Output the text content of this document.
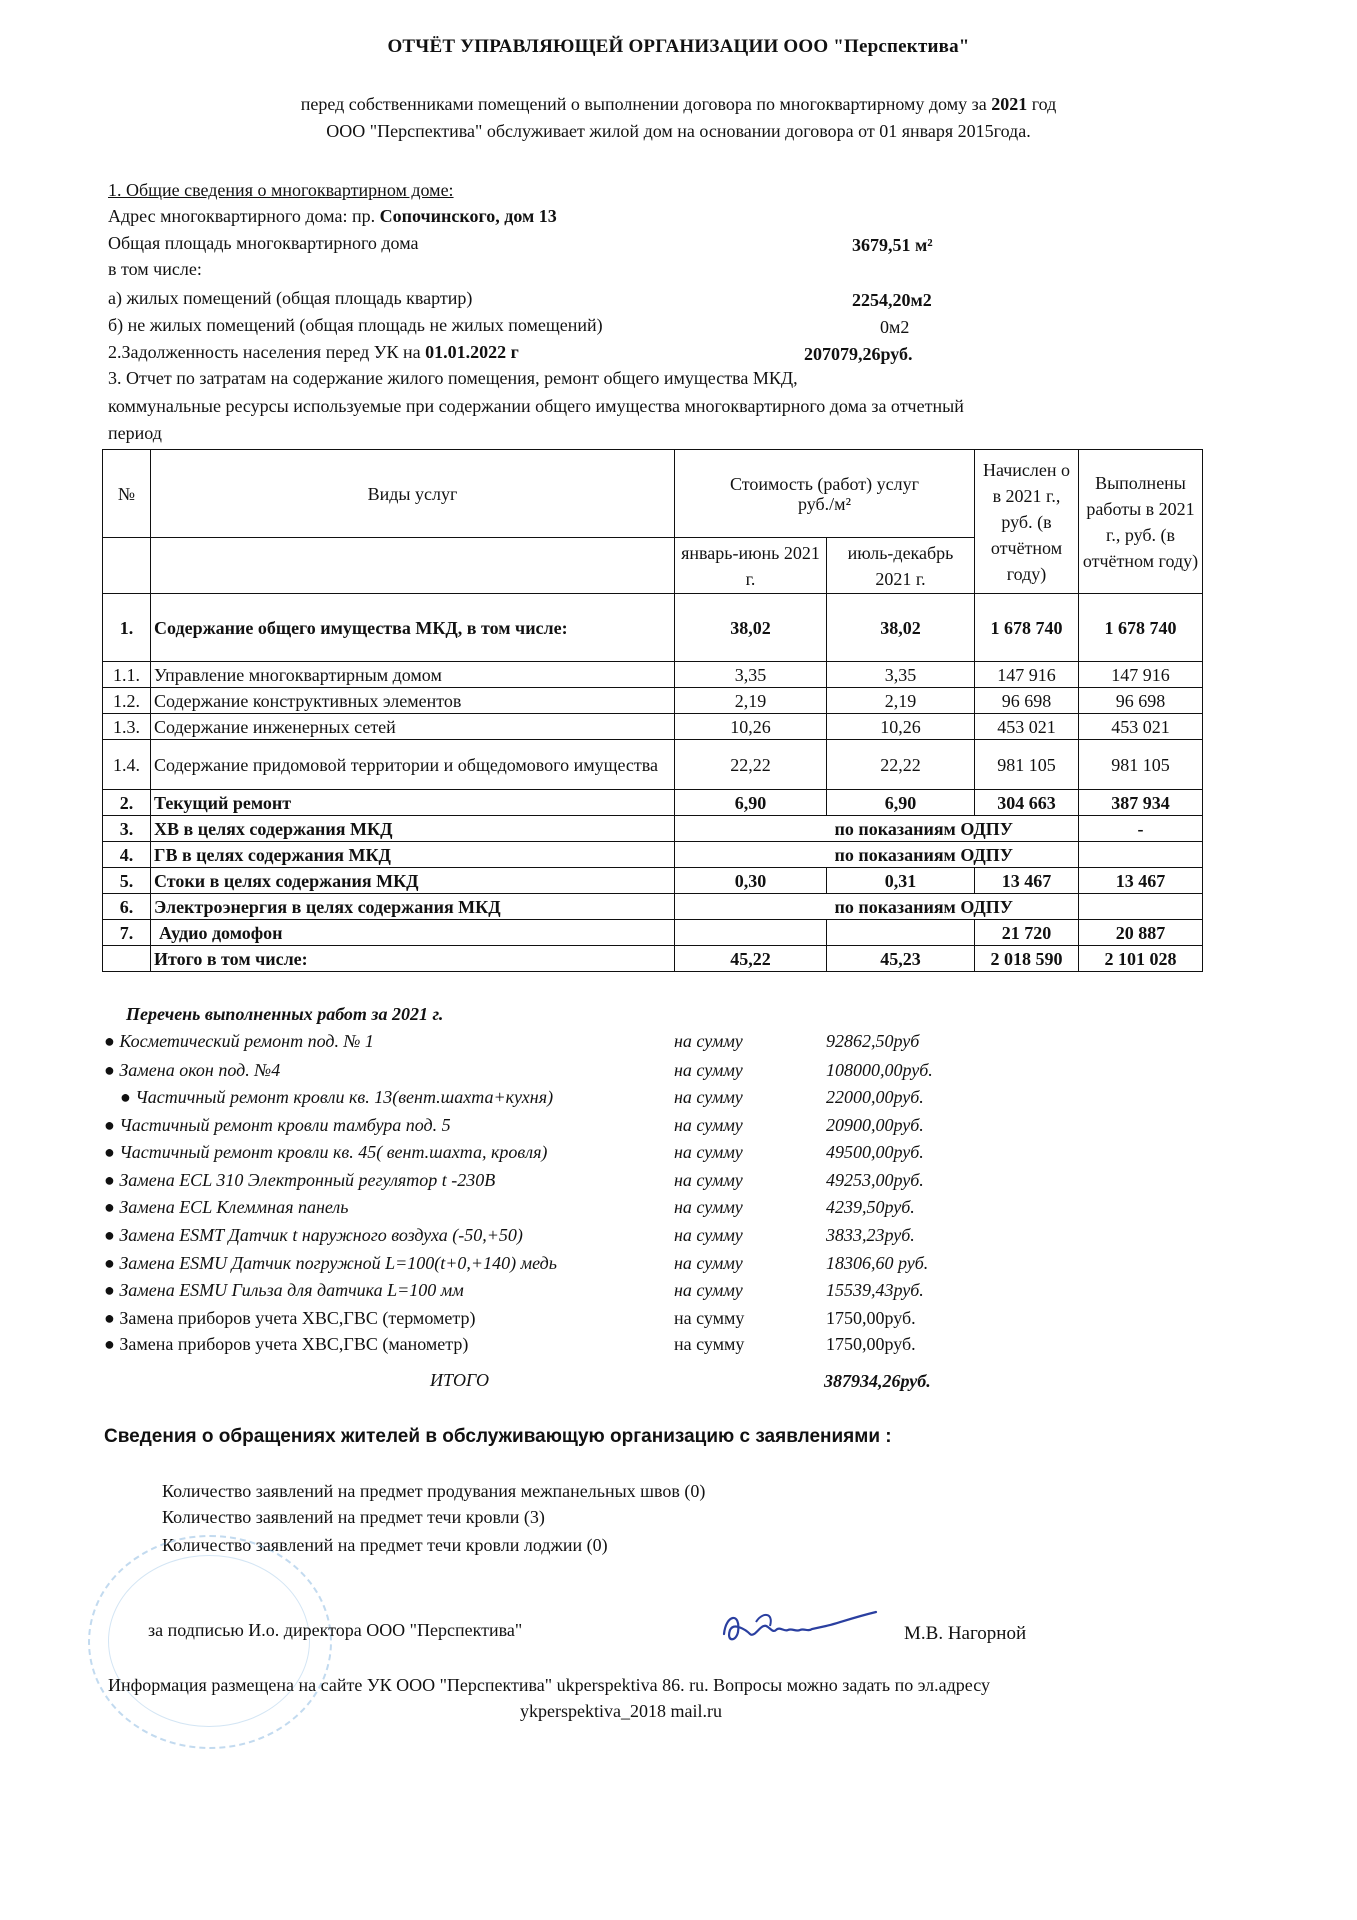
ОТЧЁТ УПРАВЛЯЮЩЕЙ ОРГАНИЗАЦИИ ООО "Перспектива"
перед собственниками помещений о выполнении договора по многоквартирному дому за 2021 год
ООО "Перспектива" обслуживает жилой дом на основании договора от 01 января 2015года.
1. Общие сведения о многоквартирном доме:
Адрес многоквартирного дома: пр. Сопочинского, дом 13
Общая площадь многоквартирного дома	3679,51 м²
в том числе:
а) жилых помещений (общая площадь квартир)	2254,20м2
б) не жилых помещений (общая площадь не жилых помещений)	0м2
2.Задолженность населения перед УК на 01.01.2022 г	207079,26руб.
3. Отчет по затратам на содержание жилого помещения, ремонт общего имущества МКД,
коммунальные ресурсы используемые при содержании общего имущества многоквартирного дома за отчетный
период
№	Виды услуг	Стоимость (работ) услуг руб./м²		Начислен о в 2021 г., руб. (в отчётном году)	Выполнены работы в 2021 г., руб. (в отчётном году)
		январь-июнь 2021 г.	июль-декабрь 2021 г.		
1.	Содержание общего имущества МКД, в том числе:	38,02	38,02	1 678 740	1 678 740
1.1.	Управление многоквартирным домом	3,35	3,35	147 916	147 916
1.2.	Содержание конструктивных элементов	2,19	2,19	96 698	96 698
1.3.	Содержание инженерных сетей	10,26	10,26	453 021	453 021
1.4.	Содержание придомовой территории и общедомового имущества	22,22	22,22	981 105	981 105
2.	Текущий ремонт	6,90	6,90	304 663	387 934
3.	ХВ в целях содержания МКД		по показаниям ОДПУ		-
4.	ГВ в целях содержания МКД		по показаниям ОДПУ		
5.	Стоки в целях содержания МКД	0,30	0,31	13 467	13 467
6.	Электроэнергия в целях содержания МКД		по показаниям ОДПУ		
7.	Аудио домофон			21 720	20 887
	Итого в том числе:	45,22	45,23	2 018 590	2 101 028
Перечень выполненных работ за 2021 г.
● Косметический ремонт под. № 1	на сумму	92862,50руб
● Замена окон под. №4	на сумму	108000,00руб.
● Частичный ремонт кровли кв. 13(вент.шахта+кухня)	на сумму	22000,00руб.
● Частичный ремонт кровли тамбура под. 5	на сумму	20900,00руб.
● Частичный ремонт кровли кв. 45( вент.шахта, кровля)	на сумму	49500,00руб.
● Замена ECL 310 Электронный регулятор t -230B	на сумму	49253,00руб.
● Замена ECL Клеммная панель	на сумму	4239,50руб.
● Замена ESMT Датчик t наружного воздуха (-50,+50)	на сумму	3833,23руб.
● Замена ESMU Датчик погружной L=100(t+0,+140) медь	на сумму	18306,60 руб.
● Замена ESMU Гильза для датчика L=100 мм	на сумму	15539,43руб.
● Замена приборов учета ХВС,ГВС (термометр)	на сумму	1750,00руб.
● Замена приборов учета ХВС,ГВС (манометр)	на сумму	1750,00руб.
ИТОГО	387934,26руб.
Сведения о обращениях жителей в обслуживающую организацию с заявлениями :
Количество заявлений на предмет продувания межпанельных швов (0)
Количество заявлений на предмет течи кровли (3)
Количество заявлений на предмет течи кровли лоджии (0)
за подписью И.о. директора ООО "Перспектива"	М.В. Нагорной
Информация размещена на сайте УК ООО "Перспектива" ukperspektiva 86. ru. Вопросы можно задать по эл.адресу
ykperspektiva_2018 mail.ru
